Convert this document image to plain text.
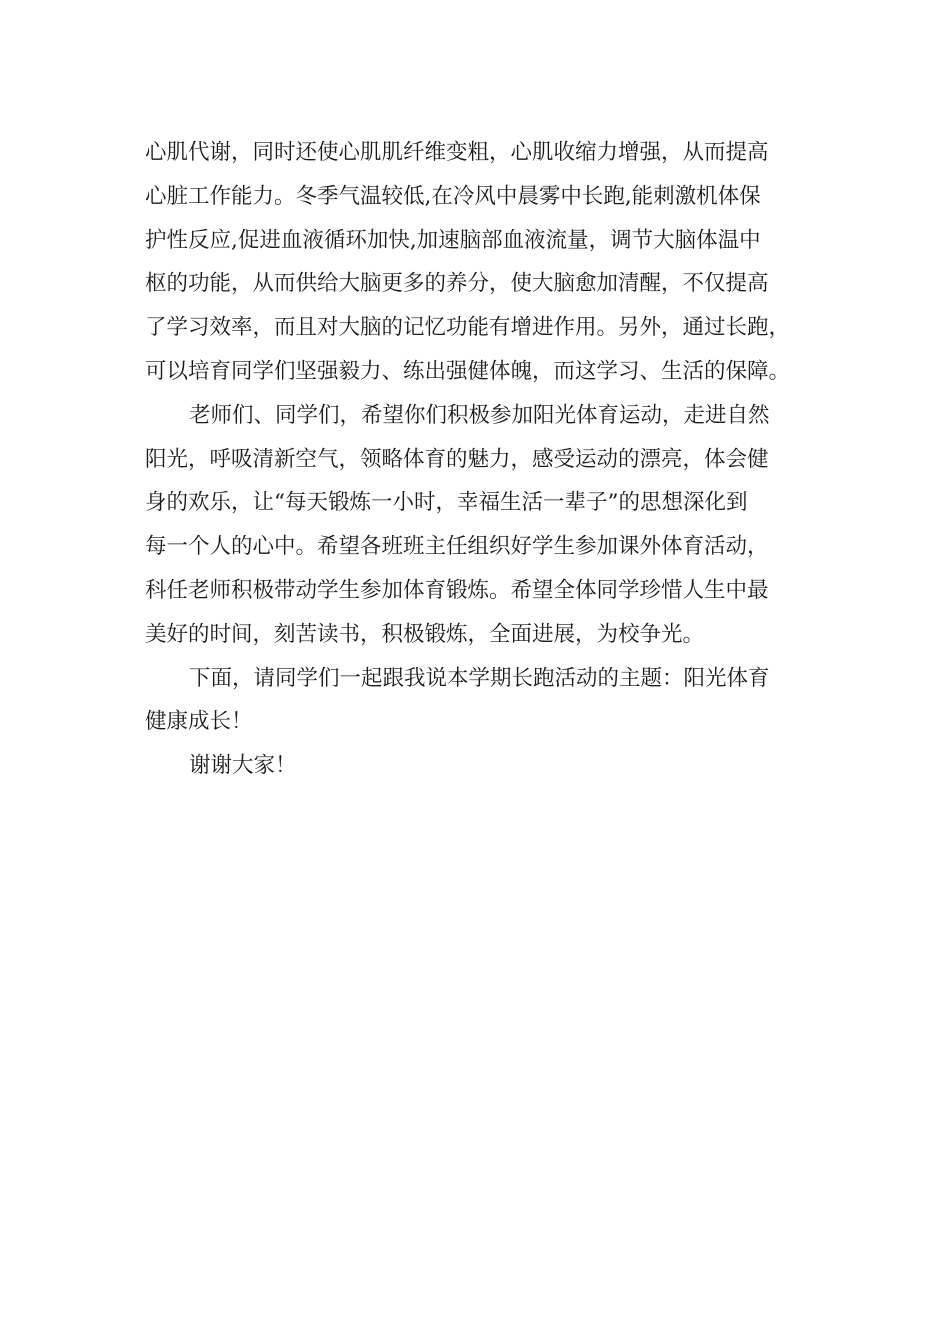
心肌代谢，同时还使心肌肌纤维变粗，心肌收缩力增强，从而提高
心脏工作能力。冬季气温较低,在冷风中晨雾中长跑,能刺激机体保
护性反应,促进血液循环加快,加速脑部血液流量，调节大脑体温中
枢的功能，从而供给大脑更多的养分，使大脑愈加清醒，不仅提高
了学习效率，而且对大脑的记忆功能有增进作用。另外，通过长跑，
可以培育同学们坚强毅力、练出强健体魄，而这学习、生活的保障。
老师们、同学们，希望你们积极参加阳光体育运动，走进自然
阳光，呼吸清新空气，领略体育的魅力，感受运动的漂亮，体会健
身的欢乐，让“每天锻炼一小时，幸福生活一辈子”的思想深化到
每一个人的心中。希望各班班主任组织好学生参加课外体育活动，
科任老师积极带动学生参加体育锻炼。希望全体同学珍惜人生中最
美好的时间，刻苦读书，积极锻炼，全面进展，为校争光。
下面，请同学们一起跟我说本学期长跑活动的主题：阳光体育
健康成长！
谢谢大家！
